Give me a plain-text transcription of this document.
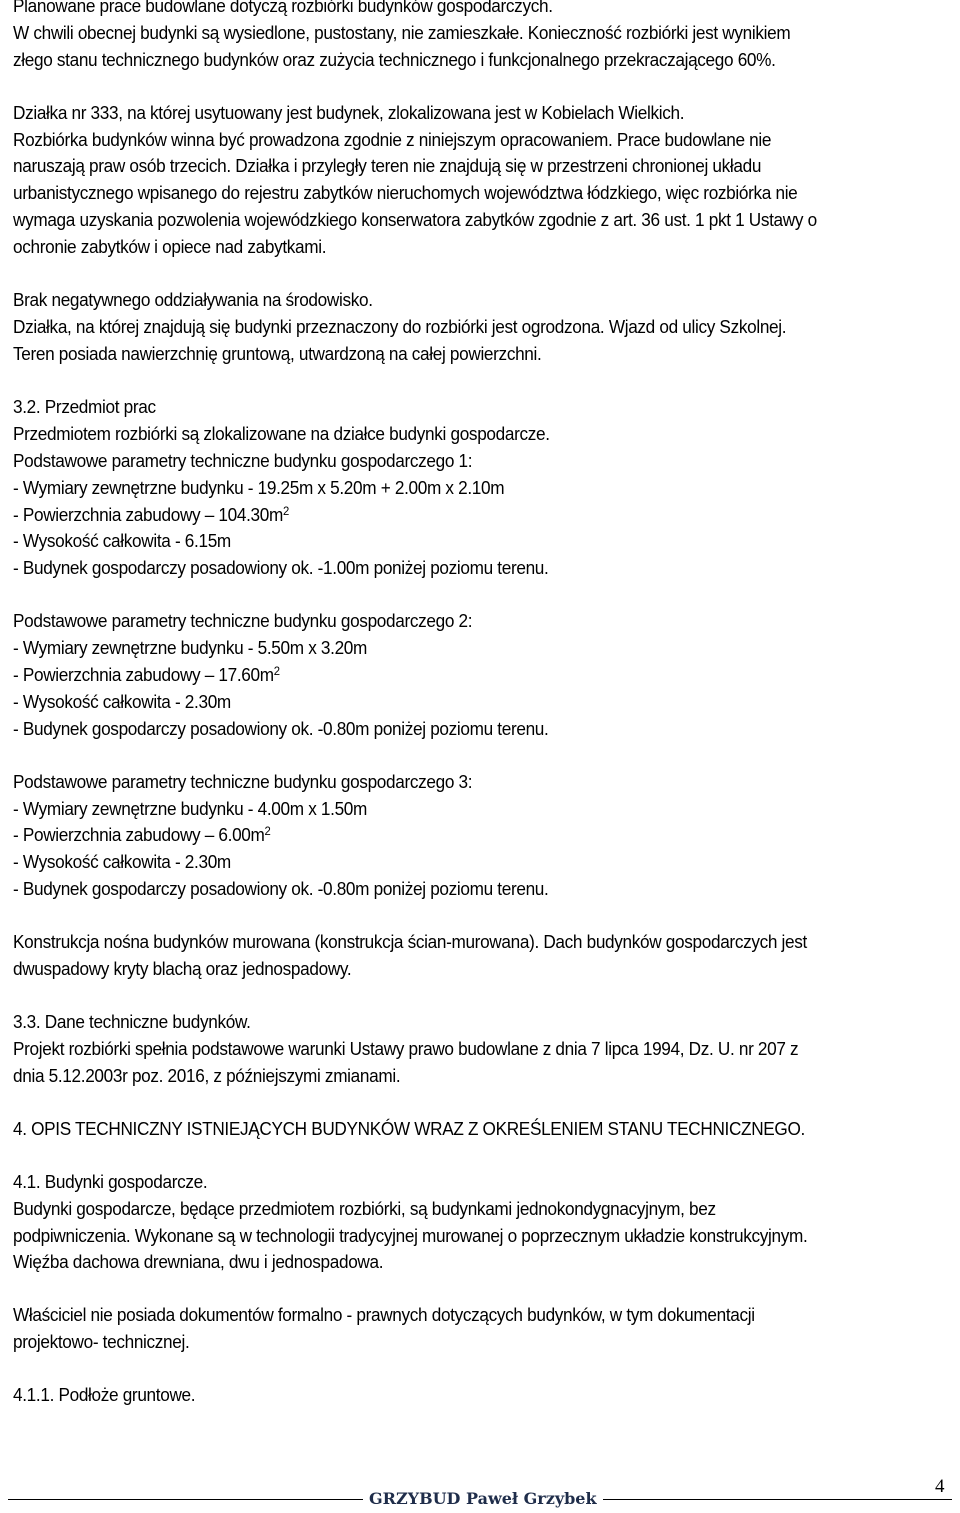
Planowane prace budowlane dotyczą rozbiórki budynków gospodarczych.
W chwili obecnej budynki są wysiedlone, pustostany, nie zamieszkałe. Konieczność rozbiórki jest wynikiem
złego stanu technicznego budynków oraz zużycia technicznego i funkcjonalnego przekraczającego 60%.
Działka nr 333, na której usytuowany jest budynek, zlokalizowana jest w Kobielach Wielkich.
Rozbiórka budynków winna być prowadzona zgodnie z niniejszym opracowaniem. Prace budowlane nie
naruszają praw osób trzecich. Działka i przyległy teren nie znajdują się w przestrzeni chronionej układu
urbanistycznego wpisanego do rejestru zabytków nieruchomych województwa łódzkiego, więc rozbiórka nie
wymaga uzyskania pozwolenia wojewódzkiego konserwatora zabytków zgodnie z art. 36 ust. 1 pkt 1 Ustawy o
ochronie zabytków i opiece nad zabytkami.
Brak negatywnego oddziaływania na środowisko.
Działka, na której znajdują się budynki przeznaczony do rozbiórki jest ogrodzona. Wjazd od ulicy Szkolnej.
Teren posiada nawierzchnię gruntową, utwardzoną na całej powierzchni.
3.2. Przedmiot prac
Przedmiotem rozbiórki są zlokalizowane na działce budynki gospodarcze.
Podstawowe parametry techniczne budynku gospodarczego 1:
- Wymiary zewnętrzne budynku - 19.25m x 5.20m + 2.00m x 2.10m
- Powierzchnia zabudowy – $104.30m^2$
- Wysokość całkowita - 6.15m
- Budynek gospodarczy posadowiony ok. -1.00m poniżej poziomu terenu.
Podstawowe parametry techniczne budynku gospodarczego 2:
- Wymiary zewnętrzne budynku - 5.50m x 3.20m
- Powierzchnia zabudowy – $17.60m^2$
- Wysokość całkowita - 2.30m
- Budynek gospodarczy posadowiony ok. -0.80m poniżej poziomu terenu.
Podstawowe parametry techniczne budynku gospodarczego 3:
- Wymiary zewnętrzne budynku - 4.00m x 1.50m
- Powierzchnia zabudowy – $6.00m^2$
- Wysokość całkowita - 2.30m
- Budynek gospodarczy posadowiony ok. -0.80m poniżej poziomu terenu.
Konstrukcja nośna budynków murowana (konstrukcja ścian-murowana). Dach budynków gospodarczych jest
dwuspadowy kryty blachą oraz jednospadowy.
3.3. Dane techniczne budynków.
Projekt rozbiórki spełnia podstawowe warunki Ustawy prawo budowlane z dnia 7 lipca 1994, Dz. U. nr 207 z
dnia 5.12.2003r poz. 2016, z późniejszymi zmianami.
4. OPIS TECHNICZNY ISTNIEJĄCYCH BUDYNKÓW WRAZ Z OKREŚLENIEM STANU TECHNICZNEGO.
4.1. Budynki gospodarcze.
Budynki gospodarcze, będące przedmiotem rozbiórki, są budynkami jednokondygnacyjnym, bez
podpiwniczenia. Wykonane są w technologii tradycyjnej murowanej o poprzecznym układzie konstrukcyjnym.
Więźba dachowa drewniana, dwu i jednospadowa.
Właściciel nie posiada dokumentów formalno - prawnych dotyczących budynków, w tym dokumentacji
projektowo- technicznej.
4.1.1. Podłoże gruntowe.
GRZYBUD Paweł Grzybek
4
